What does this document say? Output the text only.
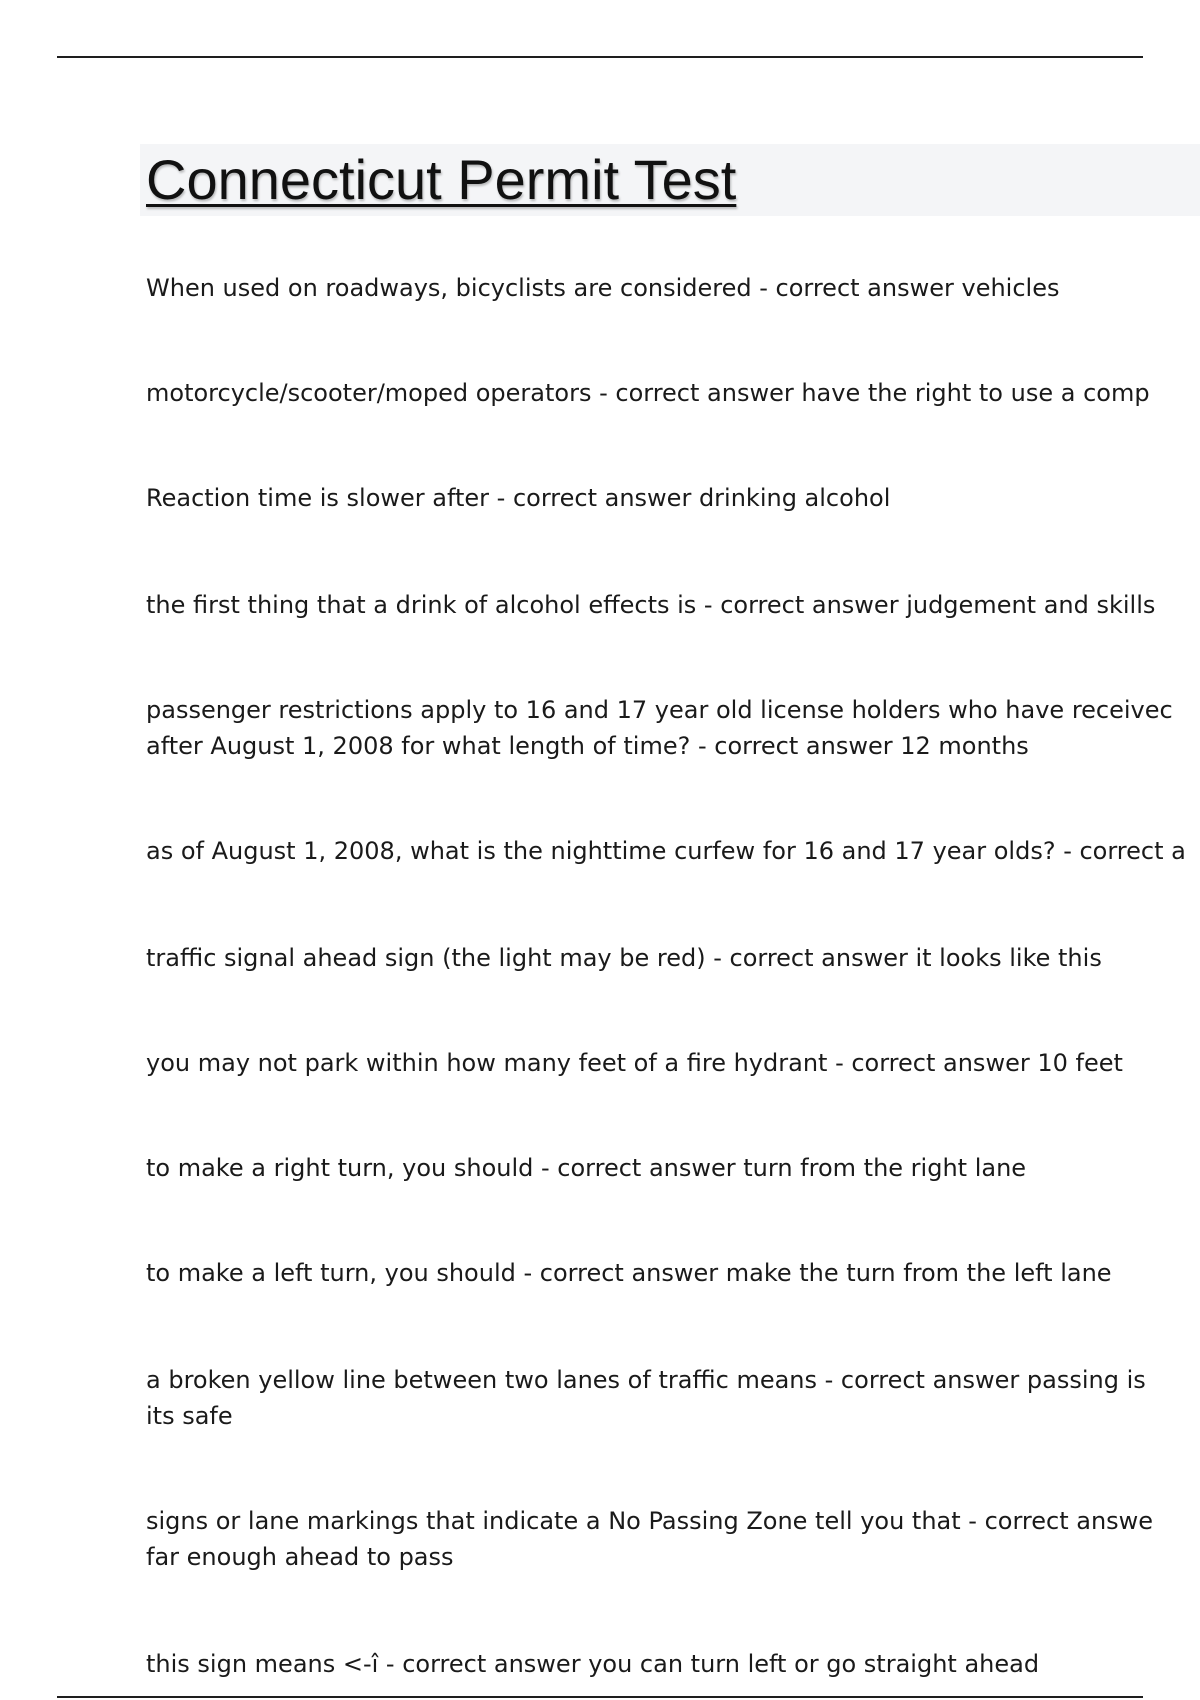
Connecticut Permit Test

When used on roadways, bicyclists are considered - correct answer vehicles

motorcycle/scooter/moped operators - correct answer have the right to use a comp

Reaction time is slower after - correct answer drinking alcohol

the first thing that a drink of alcohol effects is - correct answer judgement and skills

passenger restrictions apply to 16 and 17 year old license holders who have receivec

after August 1, 2008 for what length of time? - correct answer 12 months

as of August 1, 2008, what is the nighttime curfew for 16 and 17 year olds? - correct a

traffic signal ahead sign (the light may be red) - correct answer it looks like this

you may not park within how many feet of a fire hydrant - correct answer 10 feet

to make a right turn, you should - correct answer turn from the right lane

to make a left turn, you should - correct answer make the turn from the left lane

a broken yellow line between two lanes of traffic means - correct answer passing is

its safe

signs or lane markings that indicate a No Passing Zone tell you that - correct answe

far enough ahead to pass

this sign means <-î - correct answer you can turn left or go straight ahead
